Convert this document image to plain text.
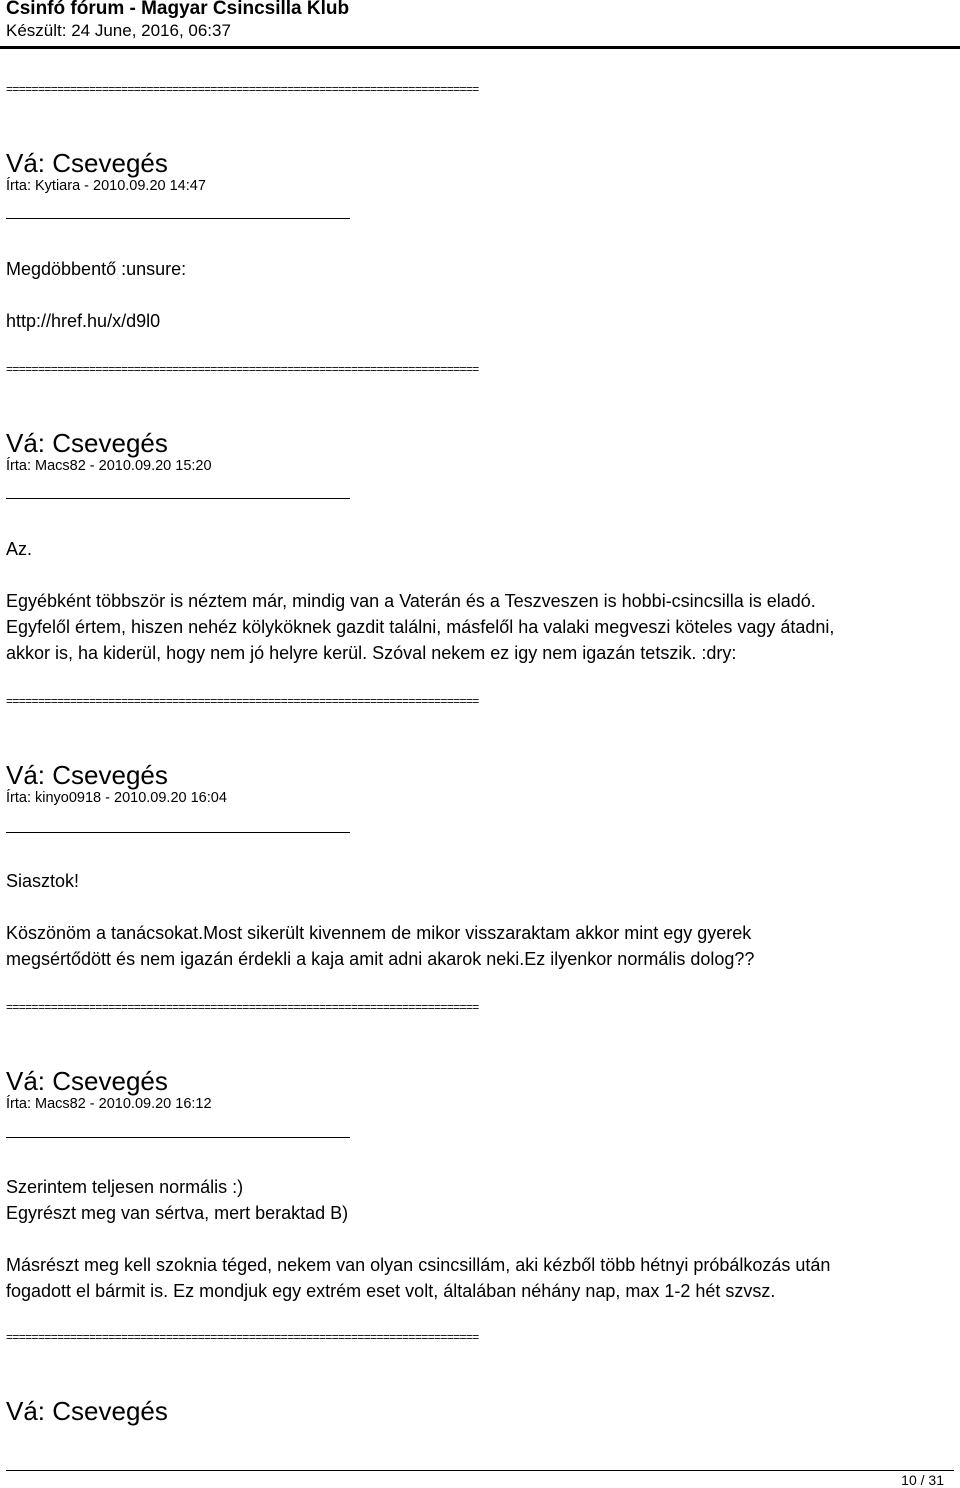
Csinfó fórum - Magyar Csincsilla Klub
Készült: 24 June, 2016, 06:37
==========================================================================
Vá: Csevegés
Írta: Kytiara - 2010.09.20 14:47
Megdöbbentő :unsure:
http://href.hu/x/d9l0
==========================================================================
Vá: Csevegés
Írta: Macs82 - 2010.09.20 15:20
Az.
Egyébként többször is néztem már, mindig van a Vaterán és a Teszveszen is hobbi-csincsilla is eladó.
Egyfelől értem, hiszen nehéz kölyköknek gazdit találni, másfelől ha valaki megveszi köteles vagy átadni,
akkor is, ha kiderül, hogy nem jó helyre kerül. Szóval nekem ez igy nem igazán tetszik. :dry:
==========================================================================
Vá: Csevegés
Írta: kinyo0918 - 2010.09.20 16:04
Siasztok!
Köszönöm a tanácsokat.Most sikerült kivennem de mikor visszaraktam akkor mint egy gyerek
megsértődött és nem igazán érdekli a kaja amit adni akarok neki.Ez ilyenkor normális dolog??
==========================================================================
Vá: Csevegés
Írta: Macs82 - 2010.09.20 16:12
Szerintem teljesen normális :)
Egyrészt meg van sértva, mert beraktad B)
Másrészt meg kell szoknia téged, nekem van olyan csincsillám, aki kézből több hétnyi próbálkozás után
fogadott el bármit is. Ez mondjuk egy extrém eset volt, általában néhány nap, max 1-2 hét szvsz.
==========================================================================
Vá: Csevegés
10 / 31
